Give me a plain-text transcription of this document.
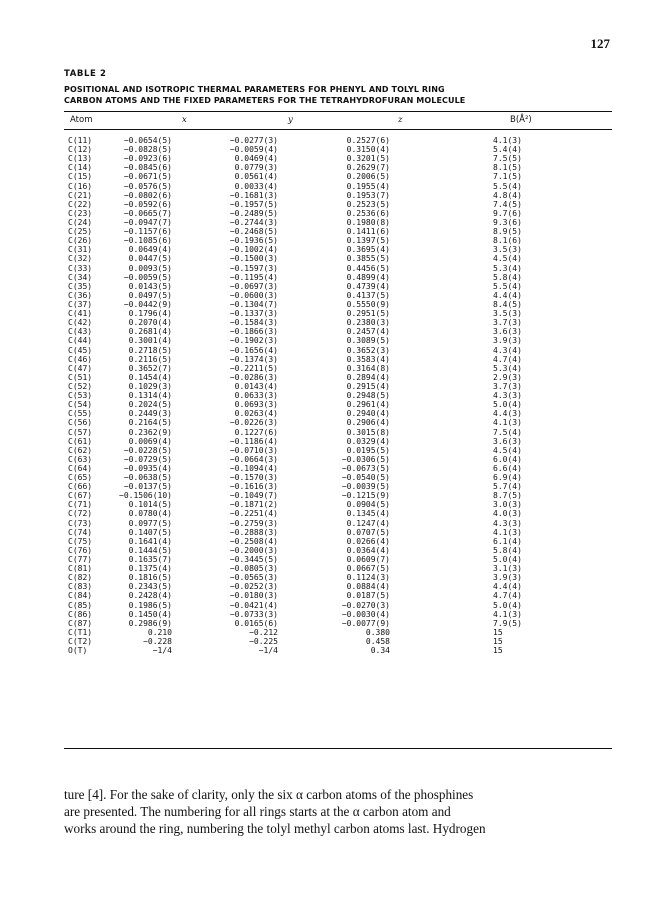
127
TABLE 2
POSITIONAL AND ISOTROPIC THERMAL PARAMETERS FOR PHENYL AND TOLYL RING
CARBON ATOMS AND THE FIXED PARAMETERS FOR THE TETRAHYDROFURAN MOLECULE
Atom	x	y	z	B(Å²)
C(11)	−0.0654(5)	−0.0277(3)	0.2527(6)	4.1(3)
C(12)	−0.0828(5)	−0.0059(4)	0.3150(4)	5.4(4)
C(13)	−0.0923(6)	0.0469(4)	0.3201(5)	7.5(5)
C(14)	−0.0845(6)	0.0779(3)	0.2629(7)	8.1(5)
C(15)	−0.0671(5)	0.0561(4)	0.2006(5)	7.1(5)
C(16)	−0.0576(5)	0.0033(4)	0.1955(4)	5.5(4)
C(21)	−0.0802(6)	−0.1681(3)	0.1953(7)	4.8(4)
C(22)	−0.0592(6)	−0.1957(5)	0.2523(5)	7.4(5)
C(23)	−0.0665(7)	−0.2489(5)	0.2536(6)	9.7(6)
C(24)	−0.0947(7)	−0.2744(3)	0.1980(8)	9.3(6)
C(25)	−0.1157(6)	−0.2468(5)	0.1411(6)	8.9(5)
C(26)	−0.1085(6)	−0.1936(5)	0.1397(5)	8.1(6)
C(31)	0.0649(4)	−0.1002(4)	0.3695(4)	3.5(3)
C(32)	0.0447(5)	−0.1500(3)	0.3855(5)	4.5(4)
C(33)	0.0093(5)	−0.1597(3)	0.4456(5)	5.3(4)
C(34)	−0.0059(5)	−0.1195(4)	0.4899(4)	5.8(4)
C(35)	0.0143(5)	−0.0697(3)	0.4739(4)	5.5(4)
C(36)	0.0497(5)	−0.0600(3)	0.4137(5)	4.4(4)
C(37)	−0.0442(9)	−0.1304(7)	0.5550(9)	8.4(5)
C(41)	0.1796(4)	−0.1337(3)	0.2951(5)	3.5(3)
C(42)	0.2070(4)	−0.1584(3)	0.2380(3)	3.7(3)
C(43)	0.2681(4)	−0.1866(3)	0.2457(4)	3.6(3)
C(44)	0.3001(4)	−0.1902(3)	0.3089(5)	3.9(3)
C(45)	0.2718(5)	−0.1656(4)	0.3652(3)	4.3(4)
C(46)	0.2116(5)	−0.1374(3)	0.3583(4)	4.7(4)
C(47)	0.3652(7)	−0.2211(5)	0.3164(8)	5.3(4)
C(51)	0.1454(4)	−0.0286(3)	0.2894(4)	2.9(3)
C(52)	0.1029(3)	0.0143(4)	0.2915(4)	3.7(3)
C(53)	0.1314(4)	0.0633(3)	0.2948(5)	4.3(3)
C(54)	0.2024(5)	0.0693(3)	0.2961(4)	5.0(4)
C(55)	0.2449(3)	0.0263(4)	0.2940(4)	4.4(3)
C(56)	0.2164(5)	−0.0226(3)	0.2906(4)	4.1(3)
C(57)	0.2362(9)	0.1227(6)	0.3015(8)	7.5(4)
C(61)	0.0069(4)	−0.1186(4)	0.0329(4)	3.6(3)
C(62)	−0.0228(5)	−0.0710(3)	0.0195(5)	4.5(4)
C(63)	−0.0729(5)	−0.0664(3)	−0.0306(5)	6.0(4)
C(64)	−0.0935(4)	−0.1094(4)	−0.0673(5)	6.6(4)
C(65)	−0.0638(5)	−0.1570(3)	−0.0540(5)	6.9(4)
C(66)	−0.0137(5)	−0.1616(3)	−0.0039(5)	5.7(4)
C(67)	−0.1506(10)	−0.1049(7)	−0.1215(9)	8.7(5)
C(71)	0.1014(5)	−0.1871(2)	0.0904(5)	3.0(3)
C(72)	0.0780(4)	−0.2251(4)	0.1345(4)	4.0(3)
C(73)	0.0977(5)	−0.2759(3)	0.1247(4)	4.3(3)
C(74)	0.1407(5)	−0.2888(3)	0.0707(5)	4.1(3)
C(75)	0.1641(4)	−0.2508(4)	0.0266(4)	6.1(4)
C(76)	0.1444(5)	−0.2000(3)	0.0364(4)	5.8(4)
C(77)	0.1635(7)	−0.3445(5)	0.0609(7)	5.0(4)
C(81)	0.1375(4)	−0.0805(3)	0.0667(5)	3.1(3)
C(82)	0.1816(5)	−0.0565(3)	0.1124(3)	3.9(3)
C(83)	0.2343(5)	−0.0252(3)	0.0884(4)	4.4(4)
C(84)	0.2428(4)	−0.0180(3)	0.0187(5)	4.7(4)
C(85)	0.1986(5)	−0.0421(4)	−0.0270(3)	5.0(4)
C(86)	0.1450(4)	−0.0733(3)	−0.0030(4)	4.1(3)
C(87)	0.2986(9)	0.0165(6)	−0.0077(9)	7.9(5)
C(T1)	0.210	−0.212	0.380	15
C(T2)	−0.228	−0.225	0.458	15
O(T)	−1/4	−1/4	0.34	15

ture [4]. For the sake of clarity, only the six α carbon atoms of the phosphines

are presented. The numbering for all rings starts at the α carbon atom and

works around the ring, numbering the tolyl methyl carbon atoms last. Hydrogen
